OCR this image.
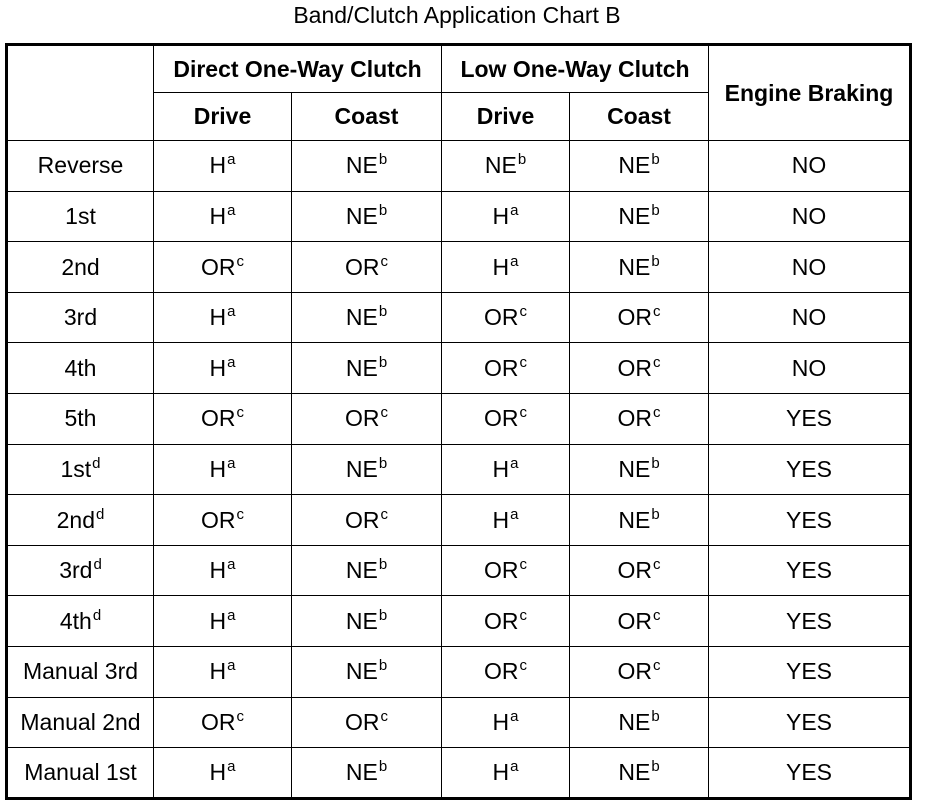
Band/Clutch Application Chart B
	Direct One-Way Clutch		Low One-Way Clutch		Engine Braking
	Drive	Coast	Drive	Coast	
Reverse	$H^a$	$NE^b$	$NE^b$	$NE^b$	NO
1st	$H^a$	$NE^b$	$H^a$	$NE^b$	NO
2nd	$OR^c$	$OR^c$	$H^a$	$NE^b$	NO
3rd	$H^a$	$NE^b$	$OR^c$	$OR^c$	NO
4th	$H^a$	$NE^b$	$OR^c$	$OR^c$	NO
5th	$OR^c$	$OR^c$	$OR^c$	$OR^c$	YES
$1st^d$	$H^a$	$NE^b$	$H^a$	$NE^b$	YES
$2nd^d$	$OR^c$	$OR^c$	$H^a$	$NE^b$	YES
$3rd^d$	$H^a$	$NE^b$	$OR^c$	$OR^c$	YES
$4th^d$	$H^a$	$NE^b$	$OR^c$	$OR^c$	YES
Manual 3rd	$H^a$	$NE^b$	$OR^c$	$OR^c$	YES
Manual 2nd	$OR^c$	$OR^c$	$H^a$	$NE^b$	YES
Manual 1st	$H^a$	$NE^b$	$H^a$	$NE^b$	YES
